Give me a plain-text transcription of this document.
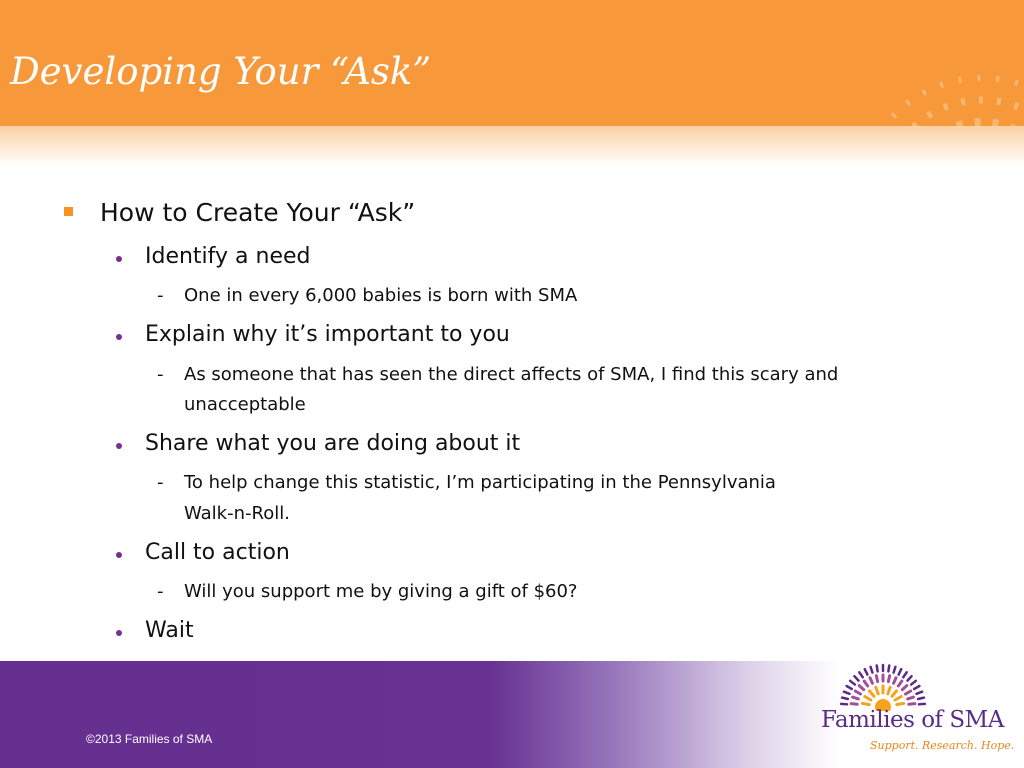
Developing Your “Ask”
How to Create Your “Ask”
Identify a need
- One in every 6,000 babies is born with SMA
Explain why it’s important to you
- As someone that has seen the direct affects of SMA, I find this scary and
unacceptable
Share what you are doing about it
- To help change this statistic, I’m participating in the Pennsylvania
Walk-n-Roll.
Call to action
- Will you support me by giving a gift of $60?
Wait
©2013 Families of SMA
Families of SMA
Support. Research. Hope.
